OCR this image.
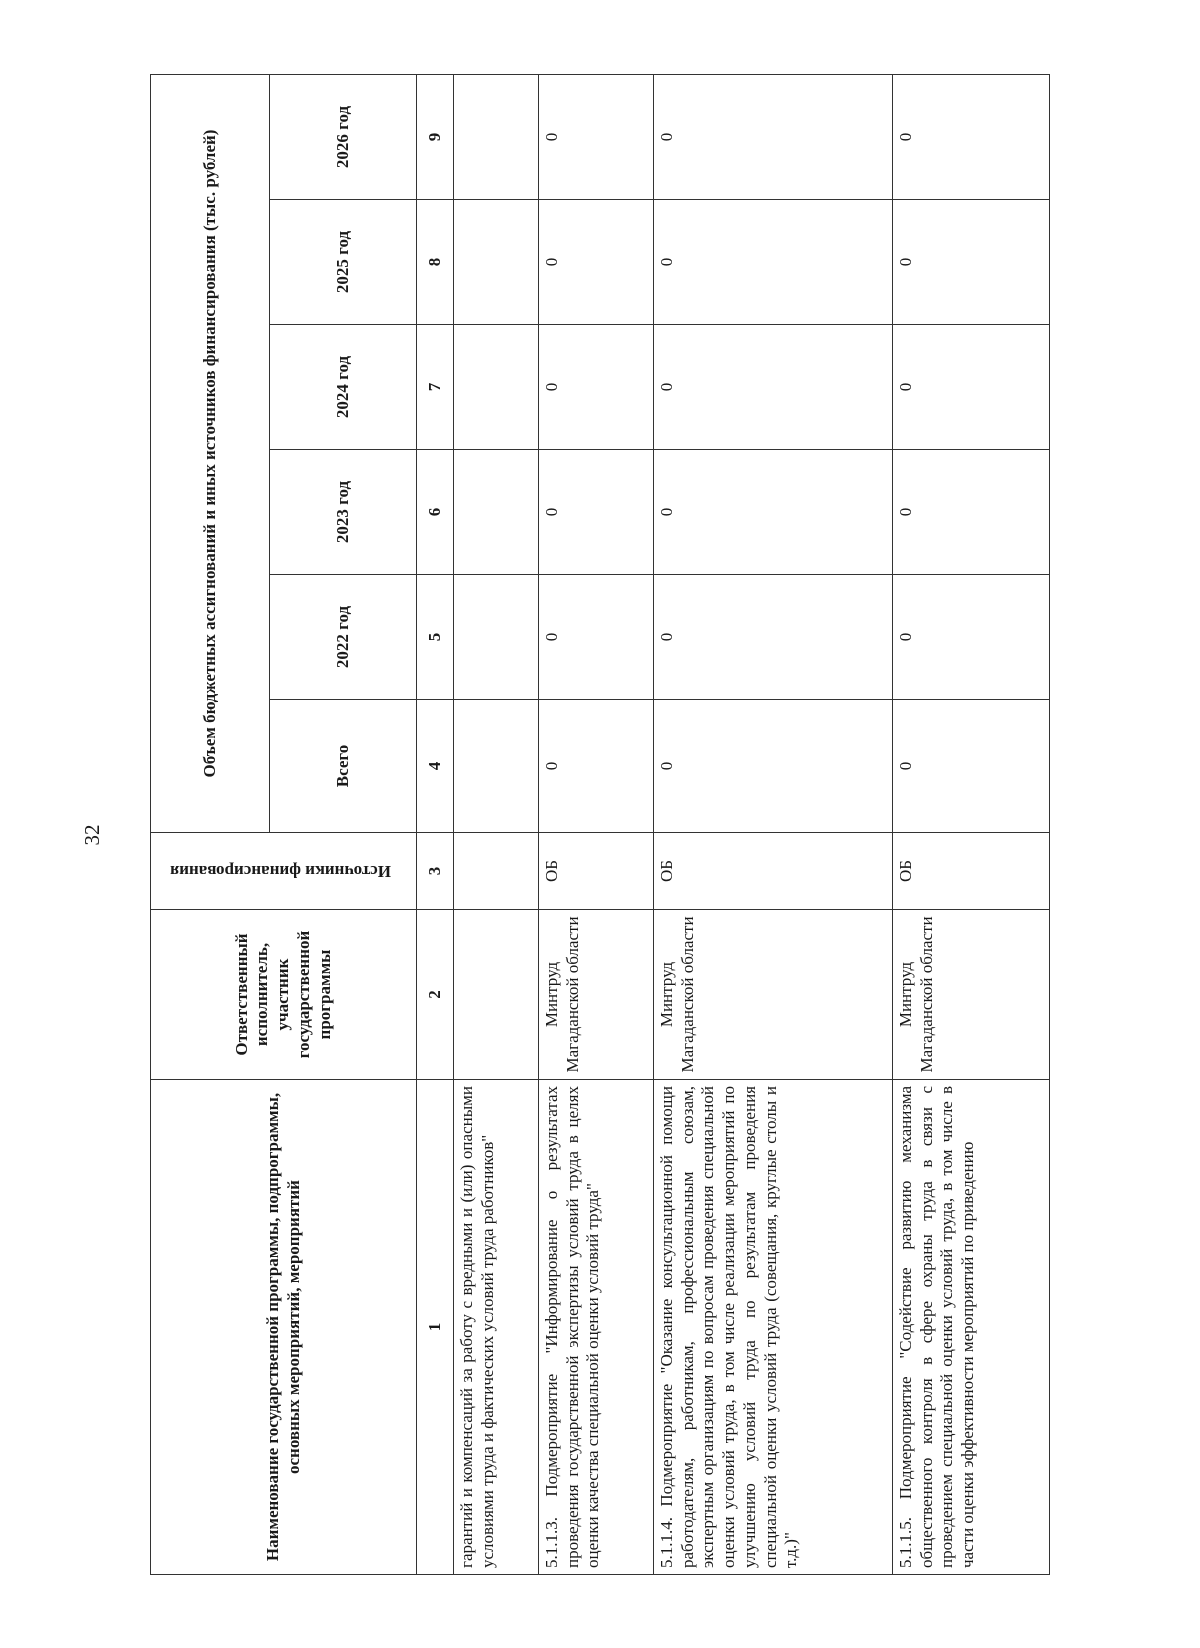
32
Наименование государственной программы, подпрограммы, основных мероприятий, мероприятий	Ответственный исполнитель, участник государственной программы	Источники финансирования	Объем бюджетных ассигнований и иных источников финансирования (тыс. рублей)					
			Всего	2022 год	2023 год	2024 год	2025 год	2026 год
1	2	3	4	5	6	7	8	9
гарантий и компенсаций за работу с вредными и (или) опасными условиями труда и фактических условий труда работников"								
5.1.1.3. Подмероприятие "Информирование о результатах проведения государственной экспертизы условий труда в целях оценки качества специальной оценки условий труда"	Минтруд Магаданской области	ОБ	0	0	0	0	0	0
5.1.1.4. Подмероприятие "Оказание консультационной помощи работодателям, работникам, профессиональным союзам, экспертным организациям по вопросам проведения специальной оценки условий труда, в том числе реализации мероприятий по улучшению условий труда по результатам проведения специальной оценки условий труда (совещания, круглые столы и т.д.)"	Минтруд Магаданской области	ОБ	0	0	0	0	0	0
5.1.1.5. Подмероприятие "Содействие развитию механизма общественного контроля в сфере охраны труда в связи с проведением специальной оценки условий труда, в том числе в части оценки эффективности мероприятий по приведению	Минтруд Магаданской области	ОБ	0	0	0	0	0	0
